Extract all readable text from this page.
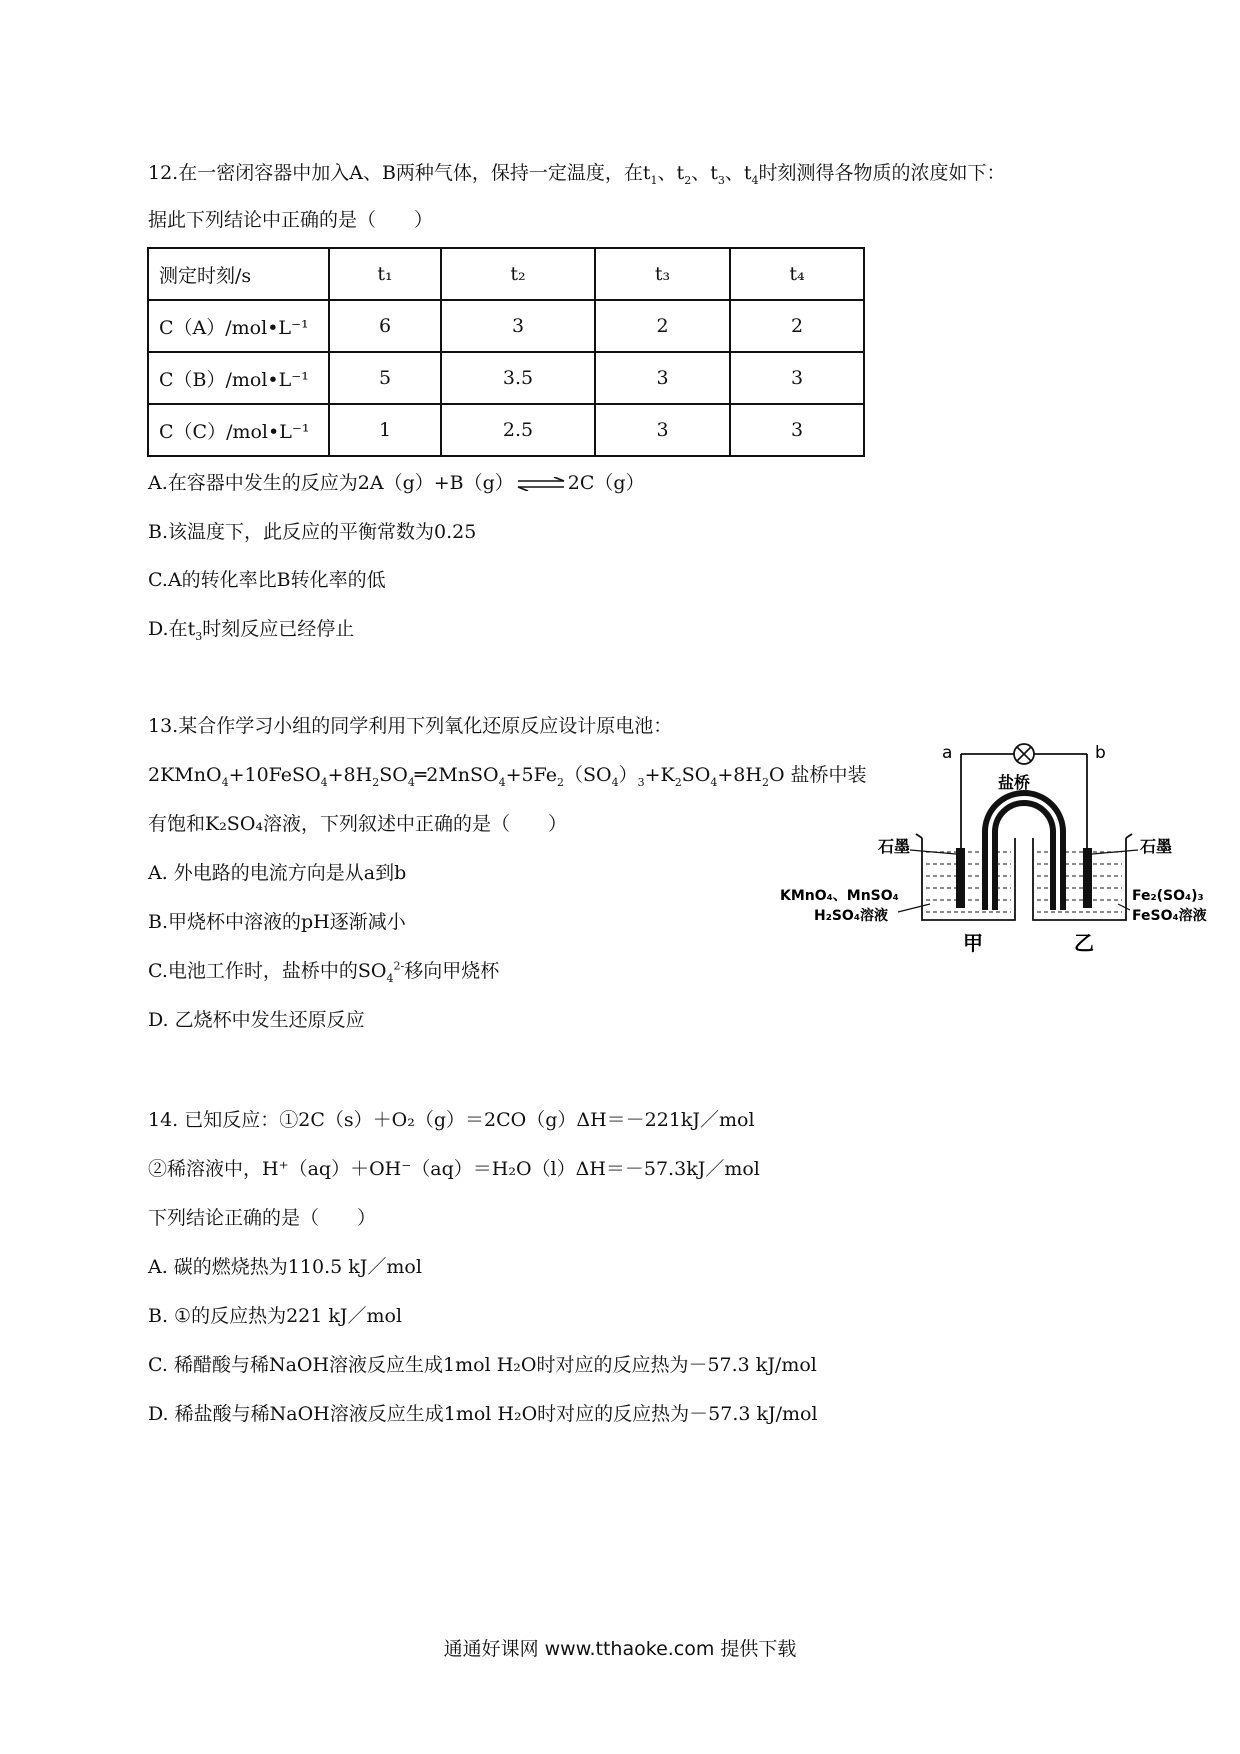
12.在一密闭容器中加入A、B两种气体，保持一定温度，在$t_1$、$t_2$、$t_3$、$t_4$时刻测得各物质的浓度如下：
据此下列结论中正确的是（　　）
测定时刻/s	t₁	t₂	t₃	t₄
C（A）/mol•L⁻¹	6	3	2	2
C（B）/mol•L⁻¹	5	3.5	3	3
C（C）/mol•L⁻¹	1	2.5	3	3
A.在容器中发生的反应为2A（g）+B（g） ⇌ 2C（g）
B.该温度下，此反应的平衡常数为0.25
C.A的转化率比B转化率的低
D.在$t_3$时刻反应已经停止
13.某合作学习小组的同学利用下列氧化还原反应设计原电池：
$2KMnO_4+10FeSO_4+8H_2SO_4═2MnSO_4+5Fe_2(SO_4)_3+K_2SO_4+8H_2O$ 盐桥中装
有饱和K₂SO₄溶液，下列叙述中正确的是（　　）
A. 外电路的电流方向是从a到b
B.甲烧杯中溶液的pH逐渐减小
C.电池工作时，盐桥中的$SO_4^{2-}$移向甲烧杯
D. 乙烧杯中发生还原反应
a	b
盐桥
石墨	石墨
KMnO₄、MnSO₄
H₂SO₄溶液
Fe₂(SO₄)₃
FeSO₄溶液
甲	乙
14. 已知反应：①2C（s）＋O₂（g）＝2CO（g）ΔH＝－221kJ／mol
②稀溶液中，H⁺（aq）＋OH⁻（aq）＝H₂O（l）ΔH＝－57.3kJ／mol
下列结论正确的是（　　）
A. 碳的燃烧热为110.5 kJ／mol
B. ①的反应热为221 kJ／mol
C. 稀醋酸与稀NaOH溶液反应生成1mol H₂O时对应的反应热为－57.3 kJ/mol
D. 稀盐酸与稀NaOH溶液反应生成1mol H₂O时对应的反应热为－57.3 kJ/mol
通通好课网 www.tthaoke.com 提供下载
